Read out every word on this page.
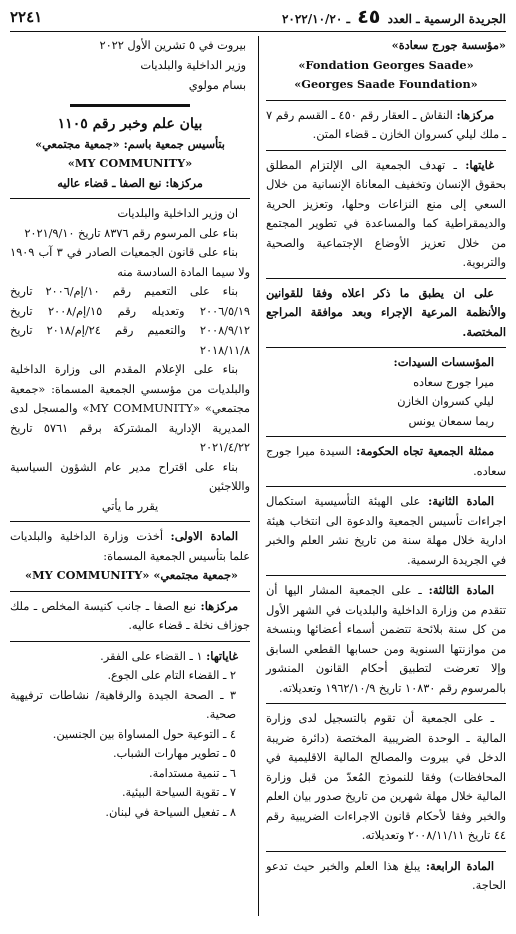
الجريدة الرسمية ـ العدد ٤٥ ـ ٢٠٢٢/١٠/٢٠
٢٢٤١

«مؤسسة جورج سعادة»

«Fondation Georges Saade»

«Georges Saade Foundation»

مركزها: النقاش ـ العقار رقم ٤٥٠ ـ القسم رقم ٧ ـ ملك ليلي كسروان الخازن ـ قضاء المتن.

غايتها: ـ تهدف الجمعية الى الإلتزام المطلق بحقوق الإنسان وتخفيف المعاناة الإنسانية من خلال السعي إلى منع النزاعات وحلها، وتعزيز الحرية والديمقراطية كما والمساعدة في تطوير المجتمع من خلال تعزيز الأوضاع الإجتماعية والصحية والتربوية.

على ان يطبق ما ذكر اعلاه وفقا للقوانين والأنظمة المرعية الإجراء وبعد موافقة المراجع المختصة.

المؤسسات السيدات:

ميرا جورج سعاده

ليلي كسروان الخازن

ريما سمعان يونس

ممثلة الجمعية تجاه الحكومة: السيدة ميرا جورج سعاده.

المادة الثانية: على الهيئة التأسيسية استكمال اجراءات تأسيس الجمعية والدعوة الى انتخاب هيئة ادارية خلال مهلة سنة من تاريخ نشر العلم والخبر في الجريدة الرسمية.

المادة الثالثة: ـ على الجمعية المشار اليها أن تتقدم من وزارة الداخلية والبلديات في الشهر الأول من كل سنة بلائحة تتضمن أسماء أعضائها وبنسخة من موازنتها السنوية ومن حسابها القطعي السابق وإلا تعرضت لتطبيق أحكام القانون المنشور بالمرسوم رقم ١٠٨٣٠ تاريخ ١٩٦٢/١٠/٩ وتعديلاته.

ـ على الجمعية أن تقوم بالتسجيل لدى وزارة المالية ـ الوحدة الضريبية المختصة (دائرة ضريبة الدخل في بيروت والمصالح المالية الاقليمية في المحافظات) وفقا للنموذج المُعدّ من قبل وزارة المالية خلال مهلة شهرين من تاريخ صدور بيان العلم والخبر وفقا لأحكام قانون الاجراءات الضريبية رقم ٤٤ تاريخ ٢٠٠٨/١١/١١ وتعديلاته.

المادة الرابعة: يبلغ هذا العلم والخبر حيث تدعو الحاجة.

بيروت في ٥ تشرين الأول ٢٠٢٢

وزير الداخلية والبلديات

بسام مولوي

بيان علم وخبر رقم ١١٠٥

بتأسيس جمعية باسم: «جمعية مجتمعي»

«MY COMMUNITY»

مركزها: نبع الصفا ـ قضاء عاليه

ان وزير الداخلية والبلديات

بناء على المرسوم رقم ٨٣٧٦ تاريخ ٢٠٢١/٩/١٠

بناء على قانون الجمعيات الصادر في ٣ آب ١٩٠٩ ولا سيما المادة السادسة منه

بناء على التعميم رقم ١٠/إم/٢٠٠٦ تاريخ ٢٠٠٦/٥/١٩ وتعديله رقم ١٥/إم/٢٠٠٨ تاريخ ٢٠٠٨/٩/١٢ والتعميم رقم ٢٤/إم/٢٠١٨ تاريخ ٢٠١٨/١١/٨

بناء على الإعلام المقدم الى وزارة الداخلية والبلديات من مؤسسي الجمعية المسماة: «جمعية مجتمعي» «MY COMMUNITY» والمسجل لدى المديرية الإدارية المشتركة برقم ٥٧٦١ تاريخ ٢٠٢١/٤/٢٢

بناء على اقتراح مدير عام الشؤون السياسية واللاجئين

يقرر ما يأتي

المادة الاولى: أخذت وزارة الداخلية والبلديات علما بتأسيس الجمعية المسماة:

«جمعية مجتمعي» «MY COMMUNITY»

مركزها: نبع الصفا ـ جانب كنيسة المخلص ـ ملك جوزاف نخلة ـ قضاء عاليه.

غاياتها: ١ ـ القضاء على الفقر.

٢ ـ القضاء التام على الجوع.

٣ ـ الصحة الجيدة والرفاهية/ نشاطات ترفيهية صحية.

٤ ـ التوعية حول المساواة بين الجنسين.

٥ ـ تطوير مهارات الشباب.

٦ ـ تنمية مستدامة.

٧ ـ تقوية السياحة البيئية.

٨ ـ تفعيل السياحة في لبنان.
